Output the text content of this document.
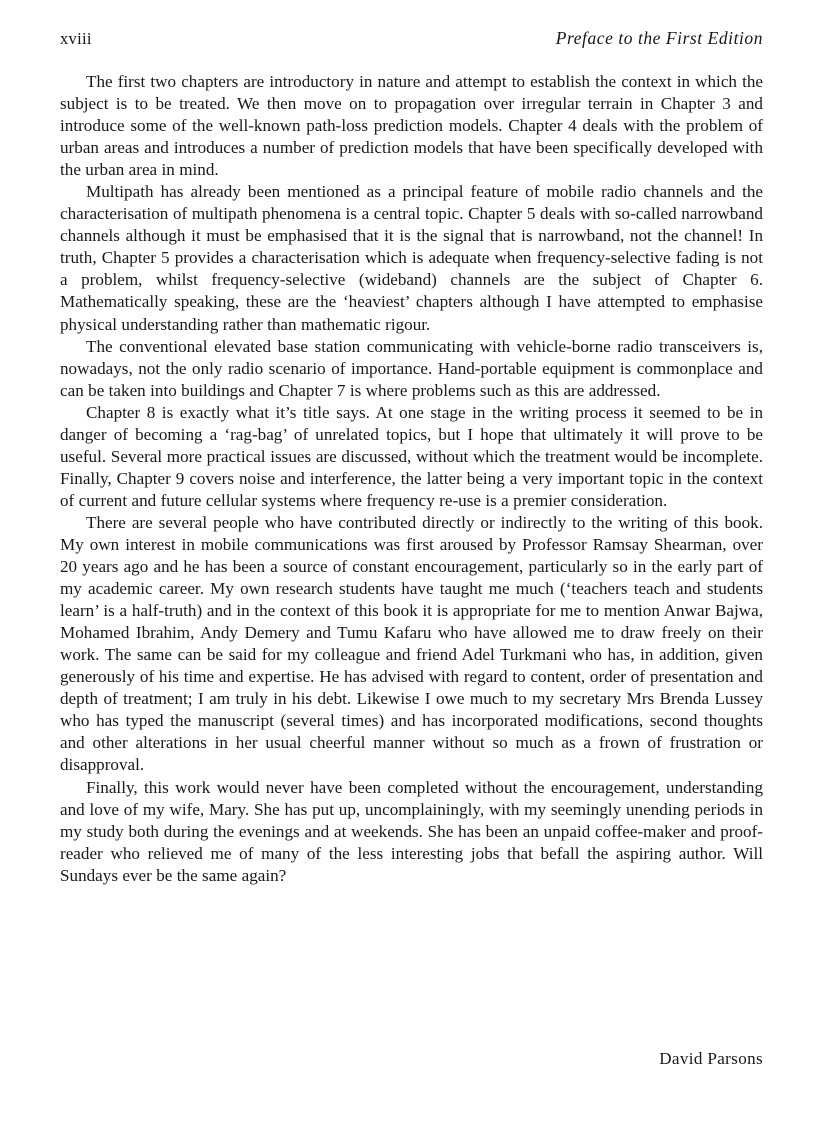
xviii	Preface to the First Edition

The first two chapters are introductory in nature and attempt to establish the context in which the subject is to be treated. We then move on to propagation over irregular terrain in Chapter 3 and introduce some of the well-known path-loss prediction models. Chapter 4 deals with the problem of urban areas and introduces a number of prediction models that have been specifically developed with the urban area in mind.

Multipath has already been mentioned as a principal feature of mobile radio channels and the characterisation of multipath phenomena is a central topic. Chapter 5 deals with so-called narrowband channels although it must be emphasised that it is the signal that is narrowband, not the channel! In truth, Chapter 5 provides a characterisation which is adequate when frequency-selective fading is not a problem, whilst frequency-selective (wideband) channels are the subject of Chapter 6. Mathematically speaking, these are the ‘heaviest’ chapters although I have attempted to emphasise physical understanding rather than mathematic rigour.

The conventional elevated base station communicating with vehicle-borne radio transceivers is, nowadays, not the only radio scenario of importance. Hand-portable equipment is commonplace and can be taken into buildings and Chapter 7 is where problems such as this are addressed.

Chapter 8 is exactly what it’s title says. At one stage in the writing process it seemed to be in danger of becoming a ‘rag-bag’ of unrelated topics, but I hope that ultimately it will prove to be useful. Several more practical issues are discussed, without which the treatment would be incomplete. Finally, Chapter 9 covers noise and interference, the latter being a very important topic in the context of current and future cellular systems where frequency re-use is a premier consideration.

There are several people who have contributed directly or indirectly to the writing of this book. My own interest in mobile communications was first aroused by Professor Ramsay Shearman, over 20 years ago and he has been a source of constant encouragement, particularly so in the early part of my academic career. My own research students have taught me much (‘teachers teach and students learn’ is a half-truth) and in the context of this book it is appropriate for me to mention Anwar Bajwa, Mohamed Ibrahim, Andy Demery and Tumu Kafaru who have allowed me to draw freely on their work. The same can be said for my colleague and friend Adel Turkmani who has, in addition, given generously of his time and expertise. He has advised with regard to content, order of presentation and depth of treatment; I am truly in his debt. Likewise I owe much to my secretary Mrs Brenda Lussey who has typed the manuscript (several times) and has incorporated modifications, second thoughts and other alterations in her usual cheerful manner without so much as a frown of frustration or disapproval.

Finally, this work would never have been completed without the encouragement, understanding and love of my wife, Mary. She has put up, uncomplainingly, with my seemingly unending periods in my study both during the evenings and at weekends. She has been an unpaid coffee-maker and proof-reader who relieved me of many of the less interesting jobs that befall the aspiring author. Will Sundays ever be the same again?

David Parsons
